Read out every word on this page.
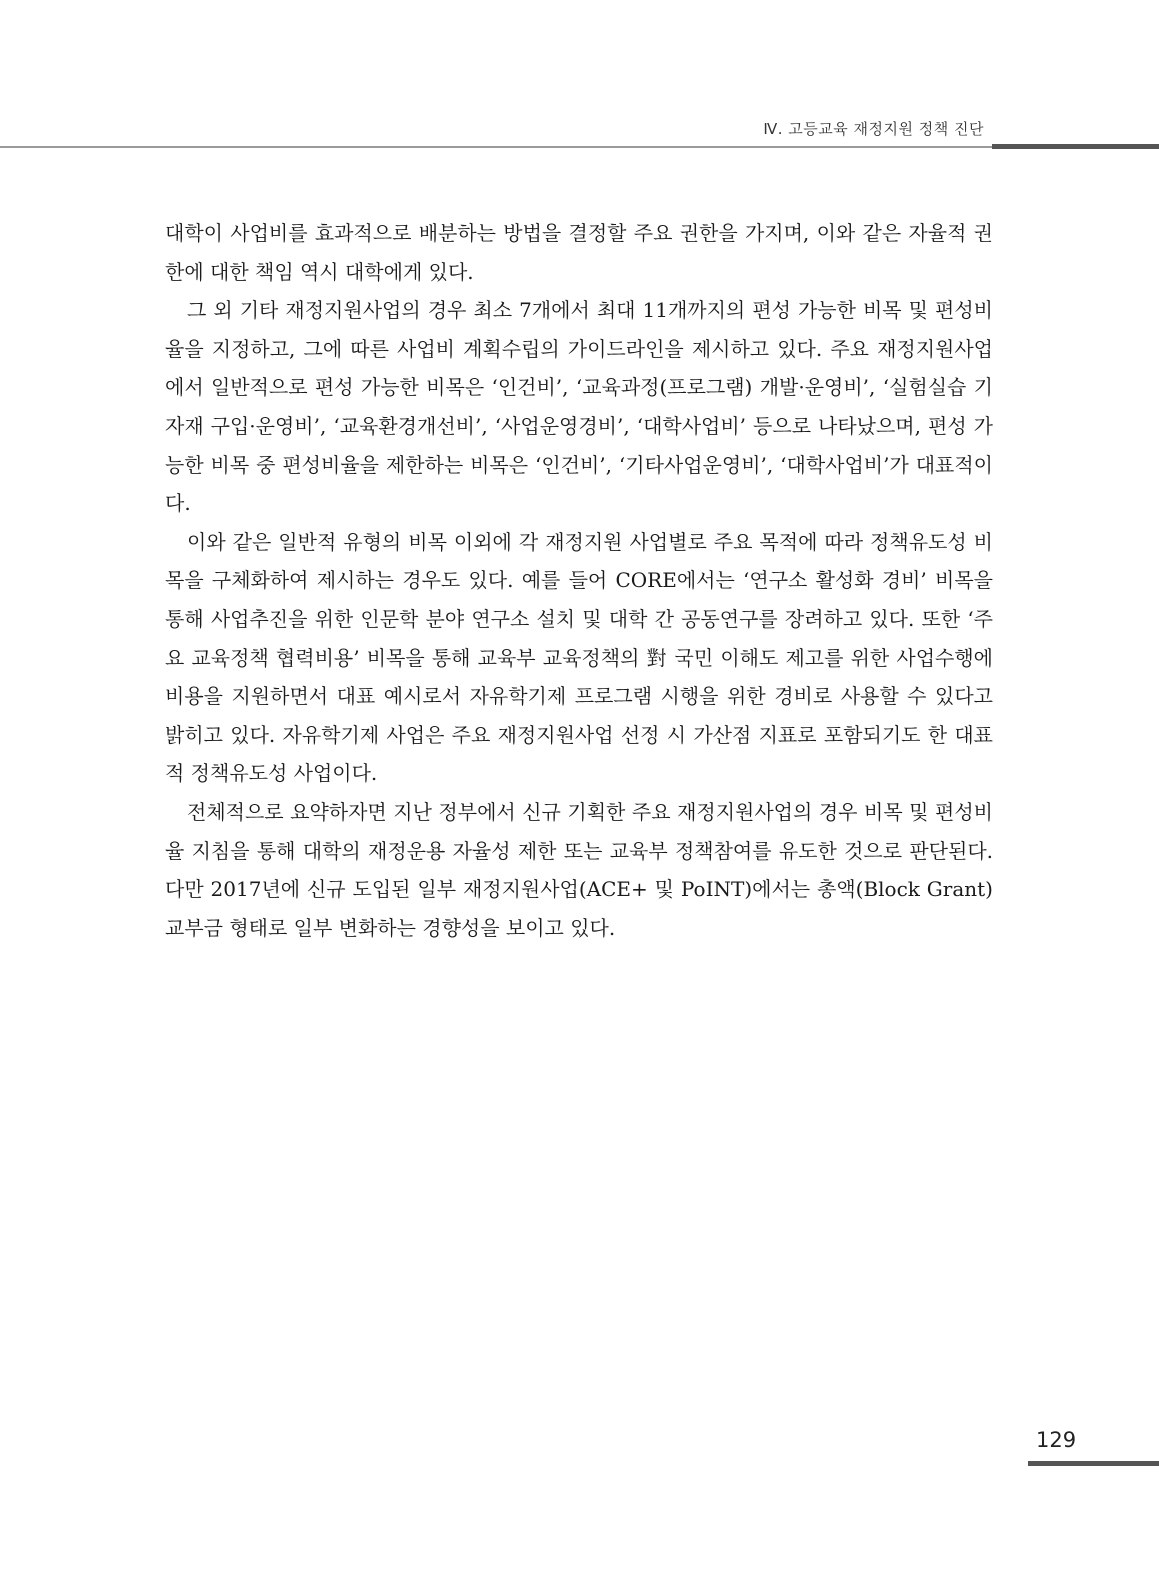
Ⅳ. 고등교육 재정지원 정책 진단

대학이 사업비를 효과적으로 배분하는 방법을 결정할 주요 권한을 가지며, 이와 같은 자율적 권한에 대한 책임 역시 대학에게 있다.

그 외 기타 재정지원사업의 경우 최소 7개에서 최대 11개까지의 편성 가능한 비목 및 편성비율을 지정하고, 그에 따른 사업비 계획수립의 가이드라인을 제시하고 있다. 주요 재정지원사업에서 일반적으로 편성 가능한 비목은 ‘인건비’, ‘교육과정(프로그램) 개발·운영비’, ‘실험실습 기자재 구입·운영비’, ‘교육환경개선비’, ‘사업운영경비’, ‘대학사업비’ 등으로 나타났으며, 편성 가능한 비목 중 편성비율을 제한하는 비목은 ‘인건비’, ‘기타사업운영비’, ‘대학사업비’가 대표적이다.

이와 같은 일반적 유형의 비목 이외에 각 재정지원 사업별로 주요 목적에 따라 정책유도성 비목을 구체화하여 제시하는 경우도 있다. 예를 들어 CORE에서는 ‘연구소 활성화 경비’ 비목을 통해 사업추진을 위한 인문학 분야 연구소 설치 및 대학 간 공동연구를 장려하고 있다. 또한 ‘주요 교육정책 협력비용’ 비목을 통해 교육부 교육정책의 對 국민 이해도 제고를 위한 사업수행에 비용을 지원하면서 대표 예시로서 자유학기제 프로그램 시행을 위한 경비로 사용할 수 있다고 밝히고 있다. 자유학기제 사업은 주요 재정지원사업 선정 시 가산점 지표로 포함되기도 한 대표적 정책유도성 사업이다.

전체적으로 요약하자면 지난 정부에서 신규 기획한 주요 재정지원사업의 경우 비목 및 편성비율 지침을 통해 대학의 재정운용 자율성 제한 또는 교육부 정책참여를 유도한 것으로 판단된다. 다만 2017년에 신규 도입된 일부 재정지원사업(ACE+ 및 PoINT)에서는 총액(Block Grant) 교부금 형태로 일부 변화하는 경향성을 보이고 있다.

129
